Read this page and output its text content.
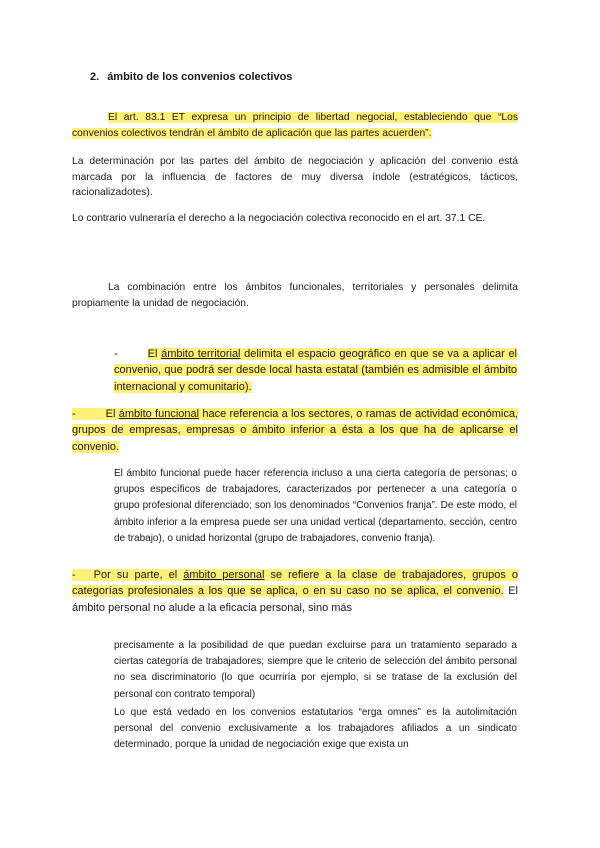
2. ámbito de los convenios colectivos

El art. 83.1 ET expresa un principio de libertad negocial, estableciendo que “Los convenios colectivos tendrán el ámbito de aplicación que las partes acuerden”.

La determinación por las partes del ámbito de negociación y aplicación del convenio está marcada por la influencia de factores de muy diversa índole (estratégicos, tácticos, racionalizadotes).

Lo contrario vulneraría el derecho a la negociación colectiva reconocido en el art. 37.1 CE.

La combinación entre los ámbitos funcionales, territoriales y personales delimita propiamente la unidad de negociación.

-	El ámbito territorial delimita el espacio geográfico en que se va a aplicar el convenio, que podrá ser desde local hasta estatal (también es admisible el ámbito internacional y comunitario).

-	El ámbito funcional hace referencia a los sectores, o ramas de actividad económica, grupos de empresas, empresas o ámbito inferior a ésta a los que ha de aplicarse el convenio.

El ámbito funcional puede hacer referencia incluso a una cierta categoría de personas; o grupos específicos de trabajadores, caracterizados por pertenecer a una categoría o grupo profesional diferenciado; son los denominados “Convenios franja”. De este modo, el ámbito inferior a la empresa puede ser una unidad vertical (departamento, sección, centro de trabajo), o unidad horizontal (grupo de trabajadores, convenio franja).

- Por su parte, el ámbito personal se refiere a la clase de trabajadores, grupos o categorías profesionales a los que se aplica, o en su caso no se aplica, el convenio. El ámbito personal no alude a la eficacia personal, sino más

precisamente a la posibilidad de que puedan excluirse para un tratamiento separado a ciertas categoría de trabajadores; siempre que le criterio de selección del ámbito personal no sea discriminatorio (lo que ocurriría por ejemplo, si se tratase de la exclusión del personal con contrato temporal)

Lo que está vedado en los convenios estatutarios “erga omnes” es la autolimitación personal del convenio exclusivamente a los trabajadores afiliados a un sindicato determinado, porque la unidad de negociación exige que exista un
